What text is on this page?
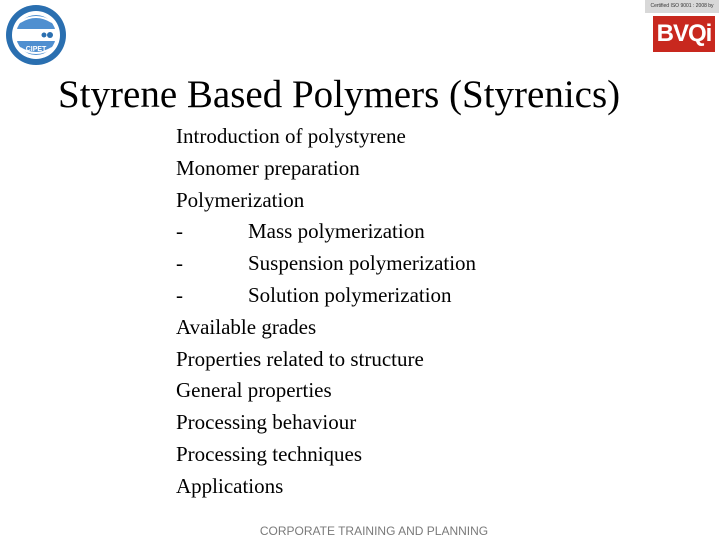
CIPET
Certified ISO 9001 : 2008 by
BVQi
Styrene Based Polymers (Styrenics)
Introduction of polystyrene
Monomer preparation
Polymerization
-	Mass polymerization
-	Suspension polymerization
-	Solution polymerization
Available grades
Properties related to structure
General properties
Processing behaviour
Processing techniques
Applications
CORPORATE TRAINING AND PLANNING
